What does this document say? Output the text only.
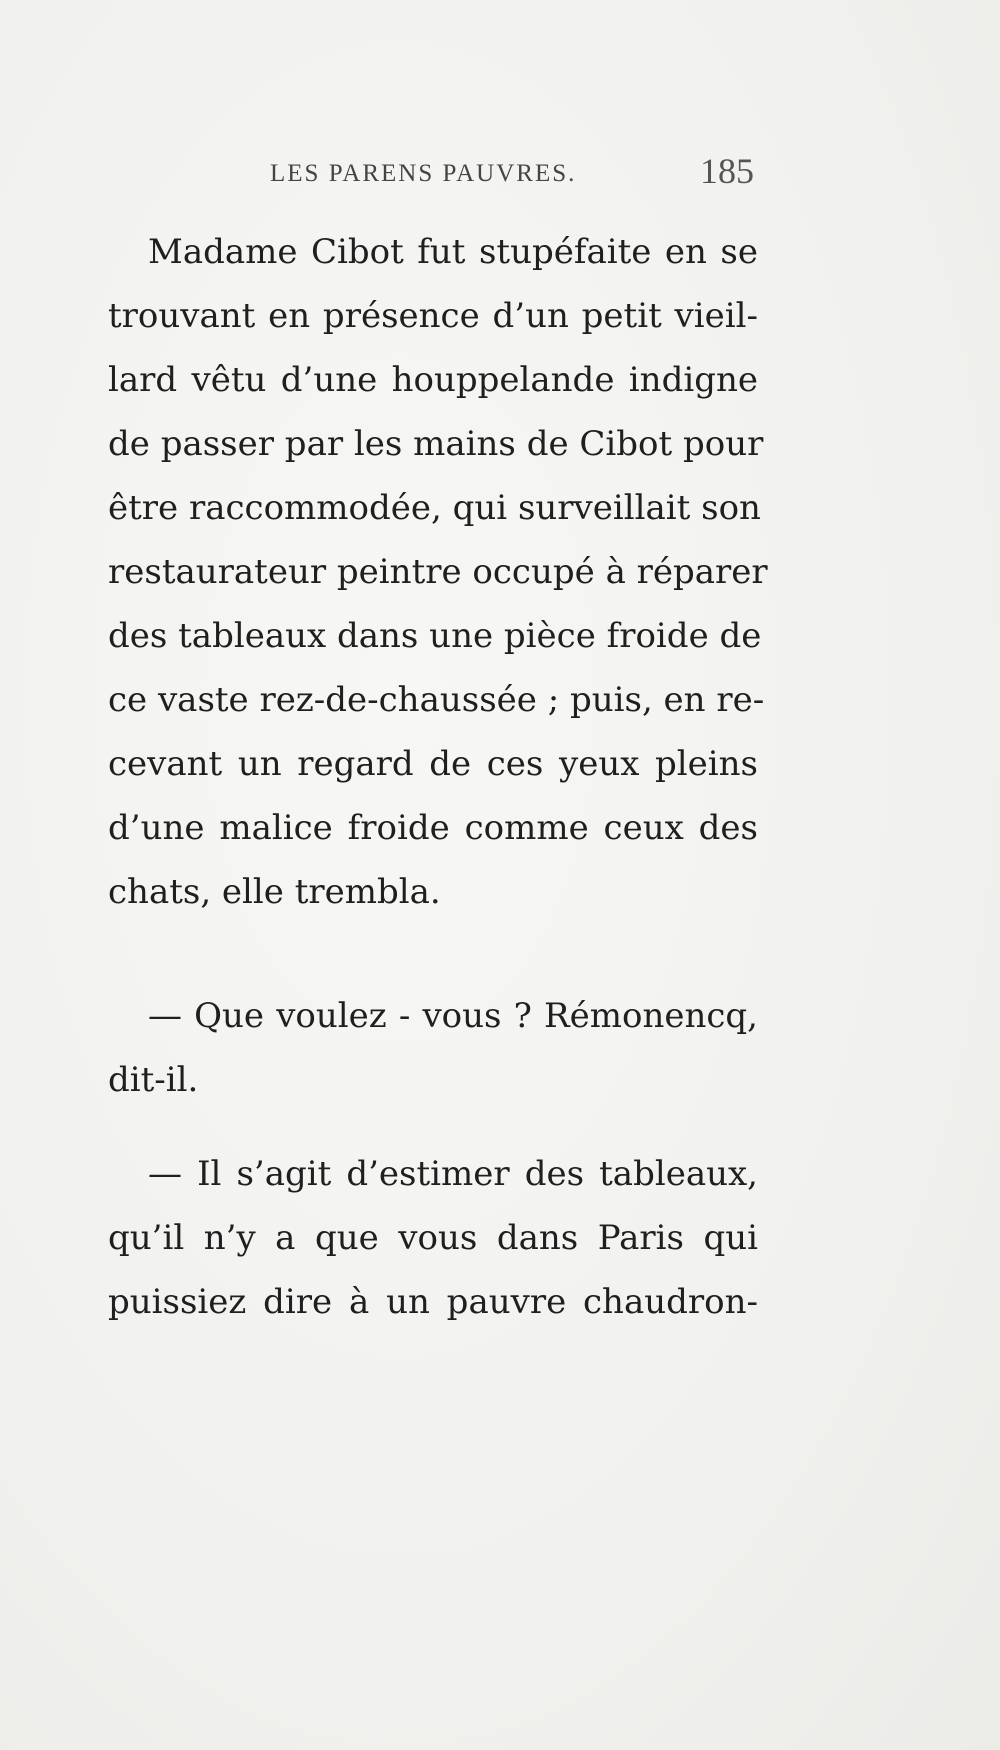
LES PARENS PAUVRES.	185
Madame Cibot fut stupéfaite en se
trouvant en présence d’un petit vieil-
lard vêtu d’une houppelande indigne
de passer par les mains de Cibot pour
être raccommodée, qui surveillait son
restaurateur peintre occupé à réparer
des tableaux dans une pièce froide de
ce vaste rez-de-chaussée ; puis, en re-
cevant un regard de ces yeux pleins
d’une malice froide comme ceux des
chats, elle trembla.
— Que voulez - vous ? Rémonencq,
dit-il.
— Il s’agit d’estimer des tableaux,
qu’il n’y a que vous dans Paris qui
puissiez dire à un pauvre chaudron-
